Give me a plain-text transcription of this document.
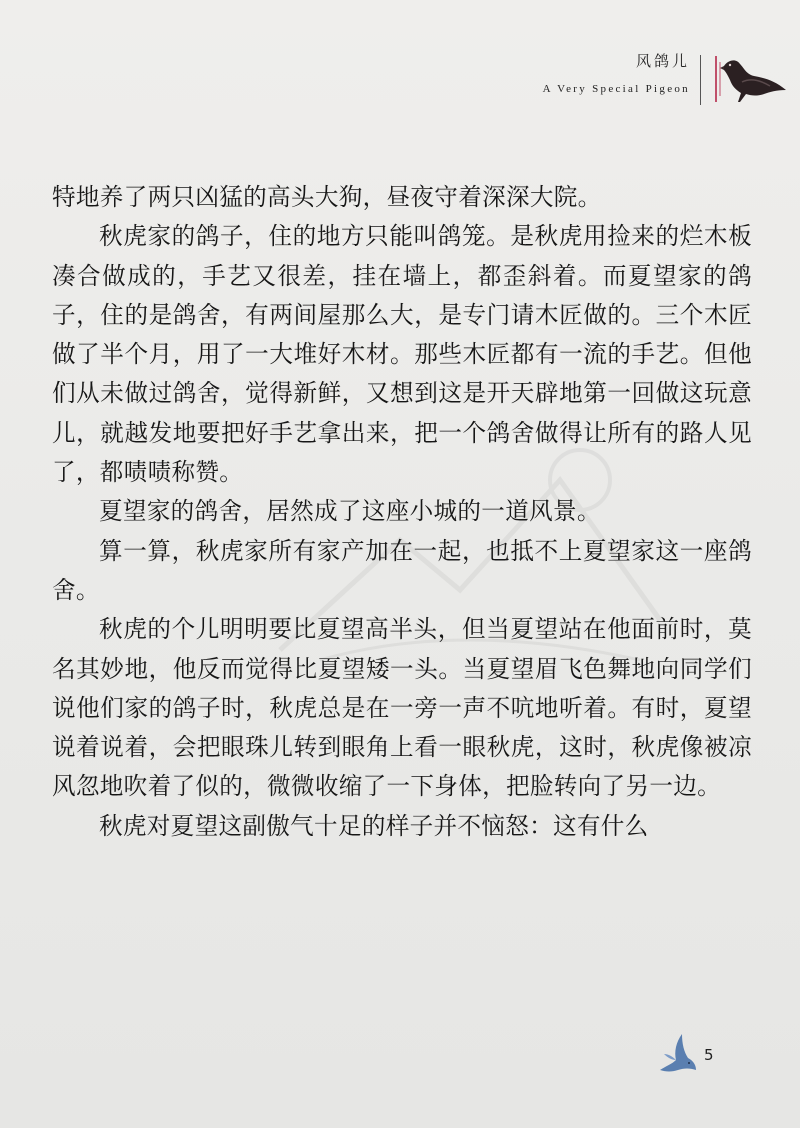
风鸽儿
A Very Special Pigeon

特地养了两只凶猛的高头大狗，昼夜守着深深大院。

秋虎家的鸽子，住的地方只能叫鸽笼。是秋虎用捡来的烂木板凑合做成的，手艺又很差，挂在墙上，都歪斜着。而夏望家的鸽子，住的是鸽舍，有两间屋那么大，是专门请木匠做的。三个木匠做了半个月，用了一大堆好木材。那些木匠都有一流的手艺。但他们从未做过鸽舍，觉得新鲜，又想到这是开天辟地第一回做这玩意儿，就越发地要把好手艺拿出来，把一个鸽舍做得让所有的路人见了，都啧啧称赞。

夏望家的鸽舍，居然成了这座小城的一道风景。

算一算，秋虎家所有家产加在一起，也抵不上夏望家这一座鸽舍。

秋虎的个儿明明要比夏望高半头，但当夏望站在他面前时，莫名其妙地，他反而觉得比夏望矮一头。当夏望眉飞色舞地向同学们说他们家的鸽子时，秋虎总是在一旁一声不吭地听着。有时，夏望说着说着，会把眼珠儿转到眼角上看一眼秋虎，这时，秋虎像被凉风忽地吹着了似的，微微收缩了一下身体，把脸转向了另一边。

秋虎对夏望这副傲气十足的样子并不恼怒：这有什么

5
